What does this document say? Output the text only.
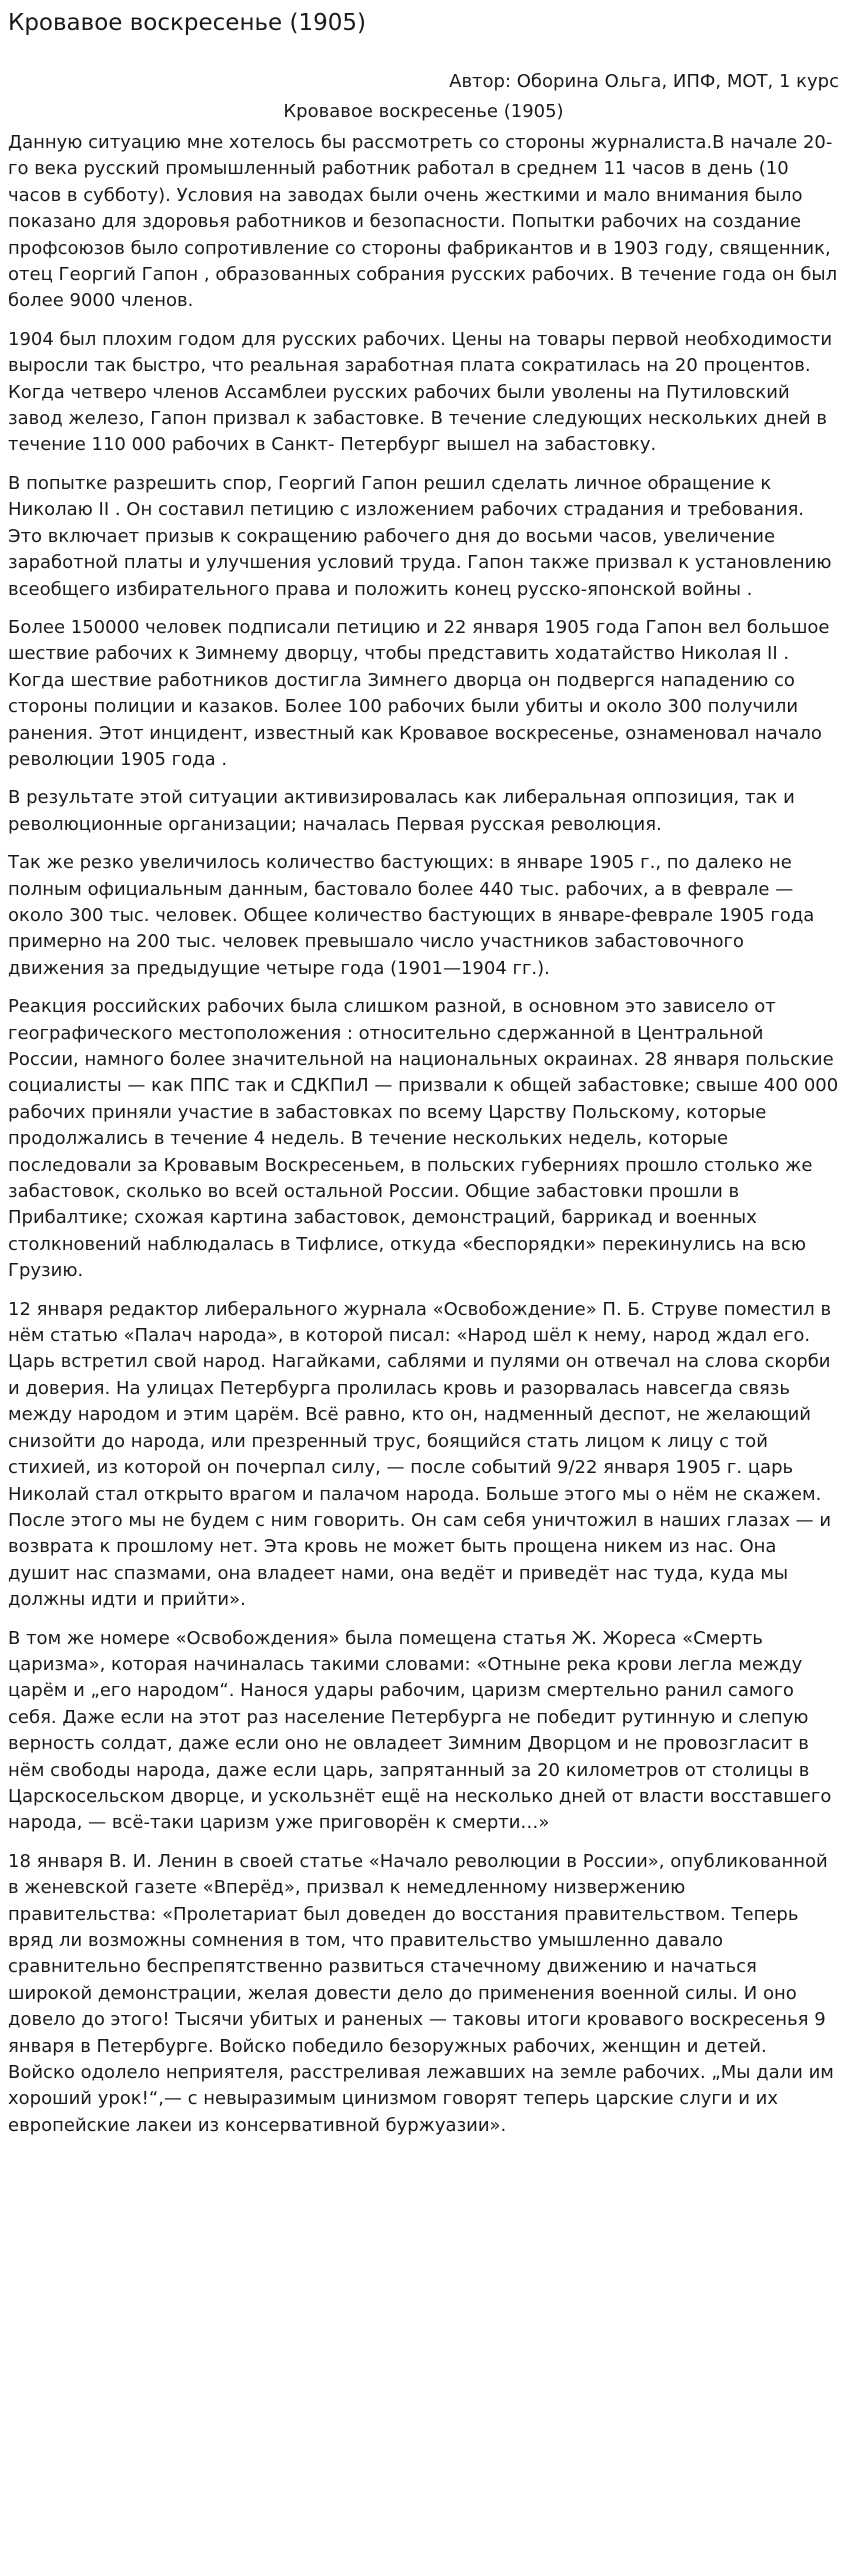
Кровавое воскресенье (1905)
Автор: Оборина Ольга, ИПФ, МОТ, 1 курс
Кровавое воскресенье (1905)

Данную ситуацию мне хотелось бы рассмотреть со стороны журналиста.В начале 20-го века русский промышленный работник работал в среднем 11 часов в день (10 часов в субботу). Условия на заводах были очень жесткими и мало внимания было показано для здоровья работников и безопасности. Попытки рабочих на создание профсоюзов было сопротивление со стороны фабрикантов и в 1903 году, священник, отец Георгий Гапон , образованных собрания русских рабочих. В течение года он был более 9000 членов.

1904 был плохим годом для русских рабочих. Цены на товары первой необходимости выросли так быстро, что реальная заработная плата сократилась на 20 процентов. Когда четверо членов Ассамблеи русских рабочих были уволены на Путиловский завод железо, Гапон призвал к забастовке. В течение следующих нескольких дней в течение 110 000 рабочих в Санкт- Петербург вышел на забастовку.

В попытке разрешить спор, Георгий Гапон решил сделать личное обращение к Николаю II . Он составил петицию с изложением рабочих страдания и требования. Это включает призыв к сокращению рабочего дня до восьми часов, увеличение заработной платы и улучшения условий труда. Гапон также призвал к установлению всеобщего избирательного права и положить конец русско-японской войны .

Более 150000 человек подписали петицию и 22 января 1905 года Гапон вел большое шествие рабочих к Зимнему дворцу, чтобы представить ходатайство Николая II . Когда шествие работников достигла Зимнего дворца он подвергся нападению со стороны полиции и казаков. Более 100 рабочих были убиты и около 300 получили ранения. Этот инцидент, известный как Кровавое воскресенье, ознаменовал начало революции 1905 года .

В результате этой ситуации активизировалась как либеральная оппозиция, так и революционные организации; началась Первая русская революция.

Так же резко увеличилось количество бастующих: в январе 1905 г., по далеко не полным официальным данным, бастовало более 440 тыс. рабочих, а в феврале — около 300 тыс. человек. Общее количество бастующих в январе-феврале 1905 года примерно на 200 тыс. человек превышало число участников забастовочного движения за предыдущие четыре года (1901—1904 гг.).

Реакция российских рабочих была слишком разной, в основном это зависело от географического местоположения : относительно сдержанной в Центральной России, намного более значительной на национальных окраинах. 28 января польские социалисты — как ППС так и СДКПиЛ — призвали к общей забастовке; свыше 400 000 рабочих приняли участие в забастовках по всему Царству Польскому, которые продолжались в течение 4 недель. В течение нескольких недель, которые последовали за Кровавым Воскресеньем, в польских губерниях прошло столько же забастовок, сколько во всей остальной России. Общие забастовки прошли в Прибалтике; схожая картина забастовок, демонстраций, баррикад и военных столкновений наблюдалась в Тифлисе, откуда «беспорядки» перекинулись на всю Грузию.

12 января редактор либерального журнала «Освобождение» П. Б. Струве поместил в нём статью «Палач народа», в которой писал: «Народ шёл к нему, народ ждал его. Царь встретил свой народ. Нагайками, саблями и пулями он отвечал на слова скорби и доверия. На улицах Петербурга пролилась кровь и разорвалась навсегда связь между народом и этим царём. Всё равно, кто он, надменный деспот, не желающий снизойти до народа, или презренный трус, боящийся стать лицом к лицу с той стихией, из которой он почерпал силу, — после событий 9/22 января 1905 г. царь Николай стал открыто врагом и палачом народа. Больше этого мы о нём не скажем. После этого мы не будем с ним говорить. Он сам себя уничтожил в наших глазах — и возврата к прошлому нет. Эта кровь не может быть прощена никем из нас. Она душит нас спазмами, она владеет нами, она ведёт и приведёт нас туда, куда мы должны идти и прийти».

В том же номере «Освобождения» была помещена статья Ж. Жореса «Смерть царизма», которая начиналась такими словами: «Отныне река крови легла между царём и „его народом“. Нанося удары рабочим, царизм смертельно ранил самого себя. Даже если на этот раз население Петербурга не победит рутинную и слепую верность солдат, даже если оно не овладеет Зимним Дворцом и не провозгласит в нём свободы народа, даже если царь, запрятанный за 20 километров от столицы в Царскосельском дворце, и ускользнёт ещё на несколько дней от власти восставшего народа, — всё-таки царизм уже приговорён к смерти…»

18 января В. И. Ленин в своей статье «Начало революции в России», опубликованной в женевской газете «Вперёд», призвал к немедленному низвержению правительства: «Пролетариат был доведен до восстания правительством. Теперь вряд ли возможны сомнения в том, что правительство умышленно давало сравнительно беспрепятственно развиться стачечному движению и начаться широкой демонстрации, желая довести дело до применения военной силы. И оно довело до этого! Тысячи убитых и раненых — таковы итоги кровавого воскресенья 9 января в Петербурге. Войско победило безоружных рабочих, женщин и детей. Войско одолело неприятеля, расстреливая лежавших на земле рабочих. „Мы дали им хороший урок!“,— с невыразимым цинизмом говорят теперь царские слуги и их европейские лакеи из консервативной буржуазии».
